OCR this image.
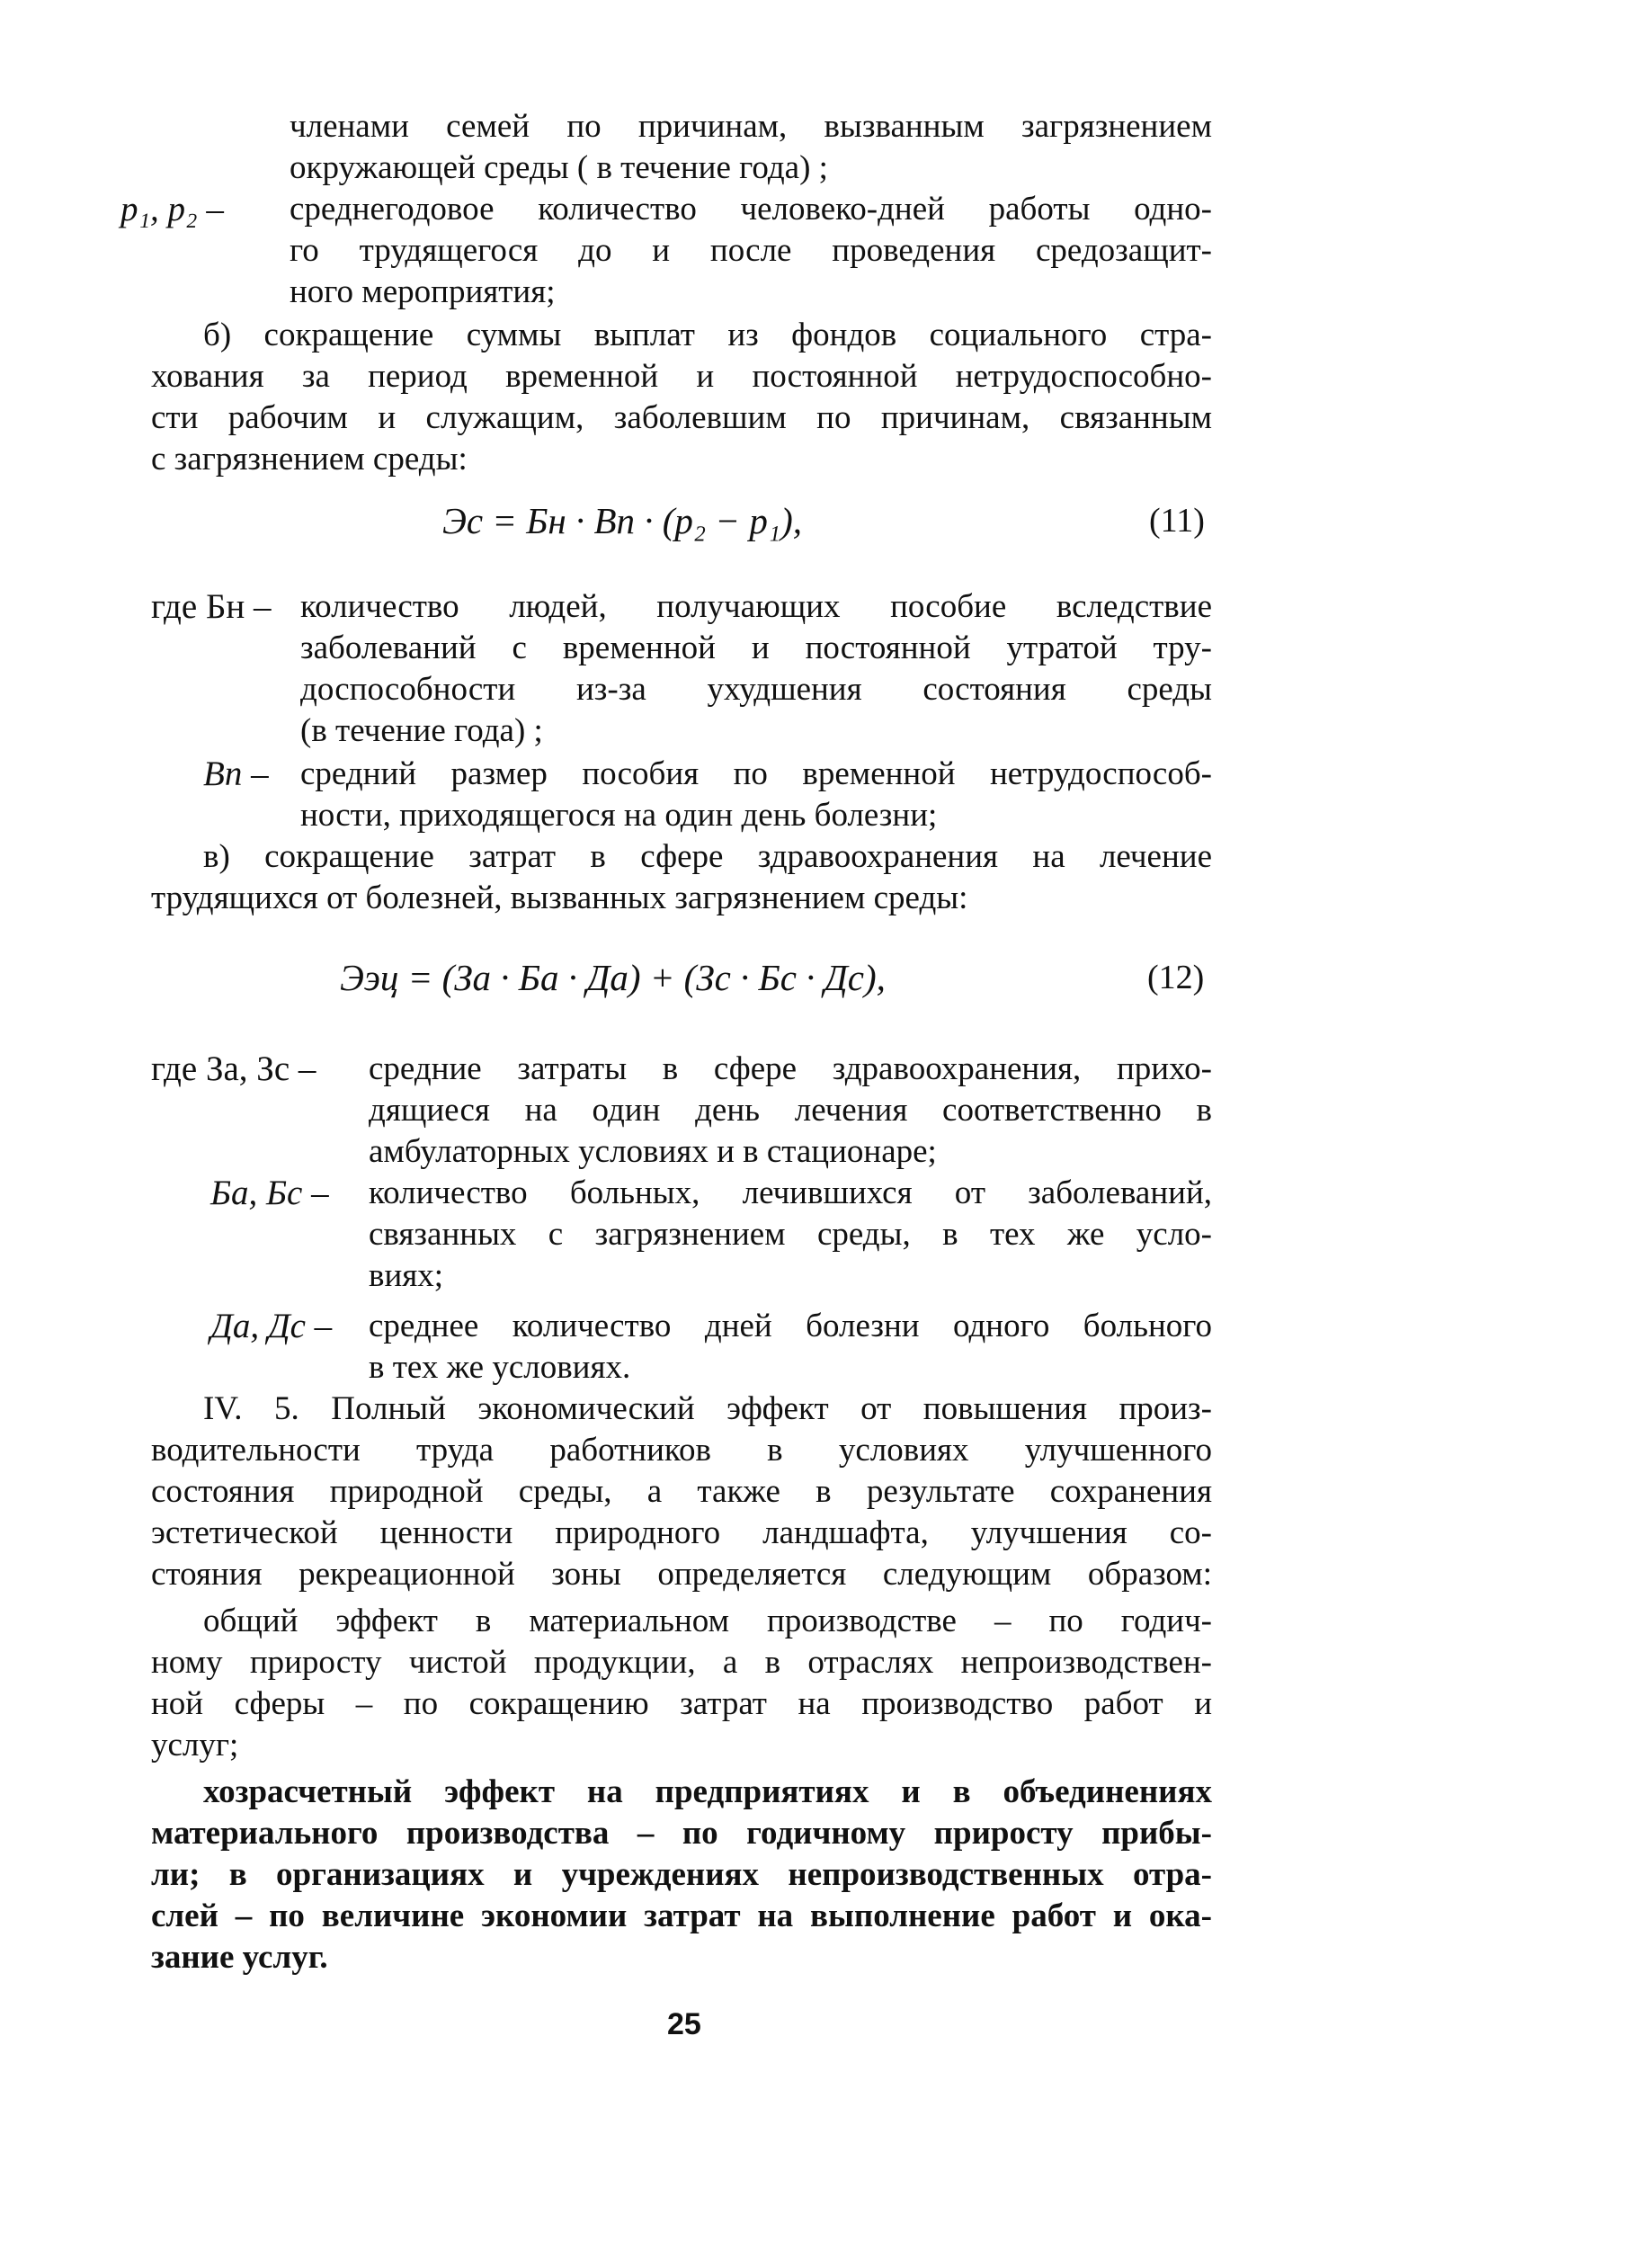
членами семей по причинам, вызванным загрязнением
окружающей среды ( в течение года) ;
p₁, p₂ – среднегодовое количество человеко-дней работы одно-
го трудящегося до и после проведения средозащит-
ного мероприятия;
б) сокращение суммы выплат из фондов социального стра-
хования за период временной и постоянной нетрудоспособно-
сти рабочим и служащим, заболевшим по причинам, связанным
с загрязнением среды:
Эс = Бн · Вп · (p₂ − p₁),	(11)
где Бн – количество людей, получающих пособие вследствие
заболеваний с временной и постоянной утратой тру-
доспособности из-за ухудшения состояния среды
(в течение года) ;
Вп – средний размер пособия по временной нетрудоспособ-
ности, приходящегося на один день болезни;
в) сокращение затрат в сфере здравоохранения на лечение
трудящихся от болезней, вызванных загрязнением среды:
Ээц = (За · Ба · Да) + (Зс · Бс · Дс),	(12)
где За, Зс – средние затраты в сфере здравоохранения, прихо-
дящиеся на один день лечения соответственно в
амбулаторных условиях и в стационаре;
Ба, Бс – количество больных, лечившихся от заболеваний,
связанных с загрязнением среды, в тех же усло-
виях;
Да, Дс – среднее количество дней болезни одного больного
в тех же условиях.
IV. 5. Полный экономический эффект от повышения произ-
водительности труда работников в условиях улучшенного
состояния природной среды, а также в результате сохранения
эстетической ценности природного ландшафта, улучшения со-
стояния рекреационной зоны определяется следующим образом:
общий эффект в материальном производстве – по годич-
ному приросту чистой продукции, а в отраслях непроизводствен-
ной сферы – по сокращению затрат на производство работ и
услуг;
хозрасчетный эффект на предприятиях и в объединениях
материального производства – по годичному приросту прибы-
ли; в организациях и учреждениях непроизводственных отра-
слей – по величине экономии затрат на выполнение работ и ока-
зание услуг.
25
